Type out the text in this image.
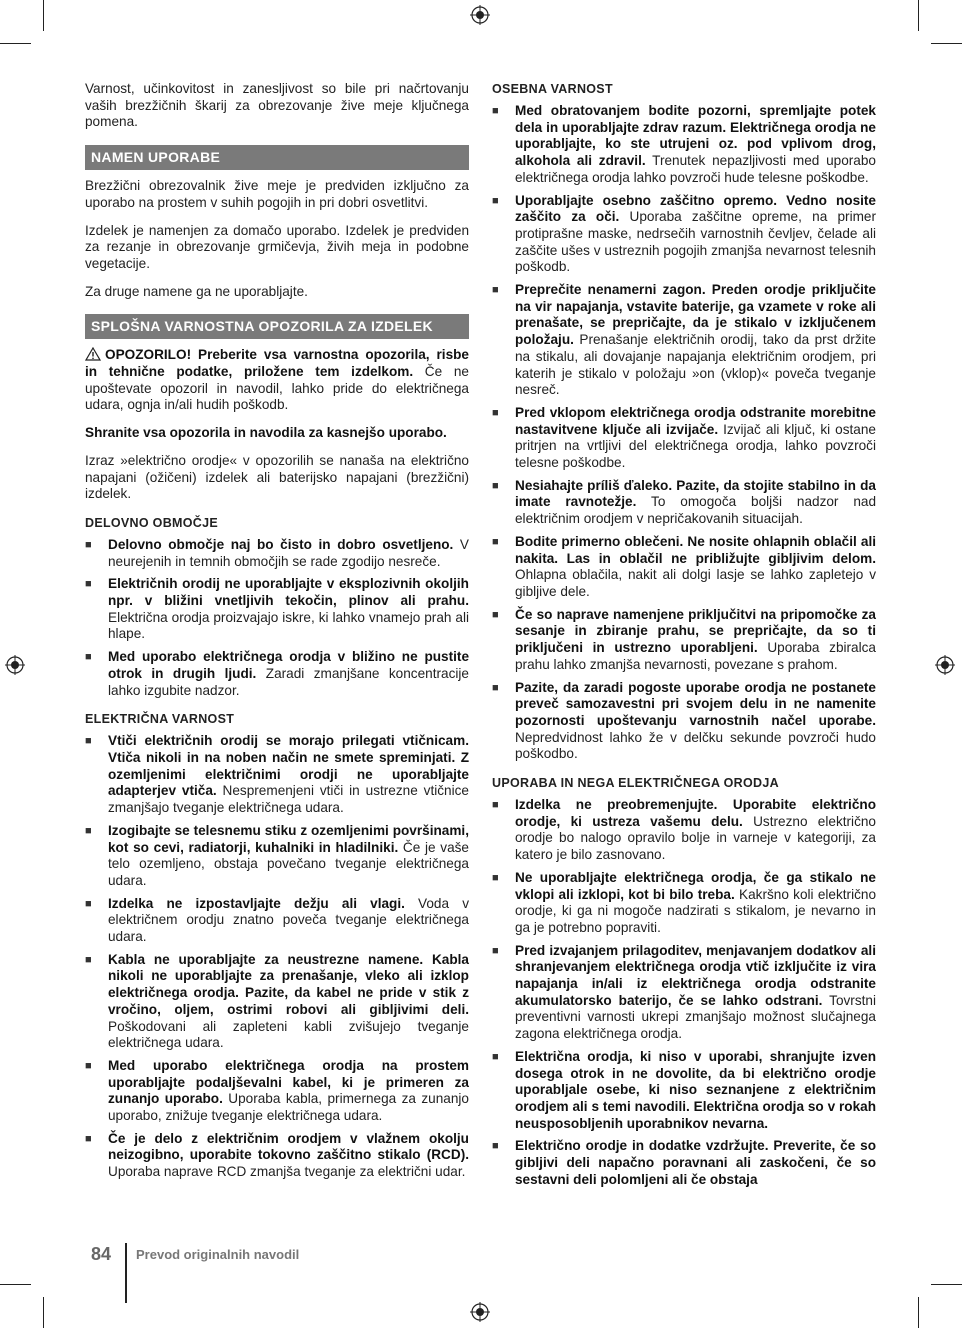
Varnost, učinkovitost in zanesljivost so bile pri načrtovanju vaših brezžičnih škarij za obrezovanje žive meje ključnega pomena.

NAMEN UPORABE

Brezžični obrezovalnik žive meje je predviden izključno za uporabo na prostem v suhih pogojih in pri dobri osvetlitvi.

Izdelek je namenjen za domačo uporabo. Izdelek je predviden za rezanje in obrezovanje grmičevja, živih meja in podobne vegetacije.

Za druge namene ga ne uporabljajte.

SPLOŠNA VARNOSTNA OPOZORILA ZA IZDELEK

OPOZORILO! Preberite vsa varnostna opozorila, risbe in tehnične podatke, priložene tem izdelkom. Če ne upoštevate opozoril in navodil, lahko pride do električnega udara, ognja in/ali hudih poškodb.

Shranite vsa opozorila in navodila za kasnejšo uporabo.

Izraz »električno orodje« v opozorilih se nanaša na električno napajani (ožičeni) izdelek ali baterijsko napajani (brezžični) izdelek.

DELOVNO OBMOČJE
■ Delovno območje naj bo čisto in dobro osvetljeno. V neurejenih in temnih območjih se rade zgodijo nesreče.
■ Električnih orodij ne uporabljajte v eksplozivnih okoljih npr. v bližini vnetljivih tekočin, plinov ali prahu. Električna orodja proizvajajo iskre, ki lahko vnamejo prah ali hlape.
■ Med uporabo električnega orodja v bližino ne pustite otrok in drugih ljudi. Zaradi zmanjšane koncentracije lahko izgubite nadzor.
ELEKTRIČNA VARNOST
■ Vtiči električnih orodij se morajo prilegati vtičnicam. Vtiča nikoli in na noben način ne smete spreminjati. Z ozemljenimi električnimi orodji ne uporabljajte adapterjev vtiča. Nespremenjeni vtiči in ustrezne vtičnice zmanjšajo tveganje električnega udara.
■ Izogibajte se telesnemu stiku z ozemljenimi površinami, kot so cevi, radiatorji, kuhalniki in hladilniki. Če je vaše telo ozemljeno, obstaja povečano tveganje električnega udara.
■ Izdelka ne izpostavljajte dežju ali vlagi. Voda v električnem orodju znatno poveča tveganje električnega udara.
■ Kabla ne uporabljajte za neustrezne namene. Kabla nikoli ne uporabljajte za prenašanje, vleko ali izklop električnega orodja. Pazite, da kabel ne pride v stik z vročino, oljem, ostrimi robovi ali gibljivimi deli. Poškodovani ali zapleteni kabli zvišujejo tveganje električnega udara.
■ Med uporabo električnega orodja na prostem uporabljajte podaljševalni kabel, ki je primeren za zunanjo uporabo. Uporaba kabla, primernega za zunanjo uporabo, znižuje tveganje električnega udara.
■ Če je delo z električnim orodjem v vlažnem okolju neizogibno, uporabite tokovno zaščitno stikalo (RCD). Uporaba naprave RCD zmanjša tveganje za električni udar.
OSEBNA VARNOST
■ Med obratovanjem bodite pozorni, spremljajte potek dela in uporabljajte zdrav razum. Električnega orodja ne uporabljajte, ko ste utrujeni oz. pod vplivom drog, alkohola ali zdravil. Trenutek nepazljivosti med uporabo električnega orodja lahko povzroči hude telesne poškodbe.
■ Uporabljajte osebno zaščitno opremo. Vedno nosite zaščito za oči. Uporaba zaščitne opreme, na primer protiprašne maske, nedrsečih varnostnih čevljev, čelade ali zaščite ušes v ustreznih pogojih zmanjša nevarnost telesnih poškodb.
■ Preprečite nenamerni zagon. Preden orodje priključite na vir napajanja, vstavite baterije, ga vzamete v roke ali prenašate, se prepričajte, da je stikalo v izključenem položaju. Prenašanje električnih orodij, tako da prst držite na stikalu, ali dovajanje napajanja električnim orodjem, pri katerih je stikalo v položaju »on (vklop)« poveča tveganje nesreč.
■ Pred vklopom električnega orodja odstranite morebitne nastavitvene ključe ali izvijače. Izvijač ali ključ, ki ostane pritrjen na vrtljivi del električnega orodja, lahko povzroči telesne poškodbe.
■ Nesiahajte príliš ďaleko. Pazite, da stojite stabilno in da imate ravnotežje. To omogoča boljši nadzor nad električnim orodjem v nepričakovanih situacijah.
■ Bodite primerno oblečeni. Ne nosite ohlapnih oblačil ali nakita. Las in oblačil ne približujte gibljivim delom. Ohlapna oblačila, nakit ali dolgi lasje se lahko zapletejo v gibljive dele.
■ Če so naprave namenjene priključitvi na pripomočke za sesanje in zbiranje prahu, se prepričajte, da so ti priključeni in ustrezno uporabljeni. Uporaba zbiralca prahu lahko zmanjša nevarnosti, povezane s prahom.
■ Pazite, da zaradi pogoste uporabe orodja ne postanete preveč samozavestni pri svojem delu in ne namenite pozornosti upoštevanju varnostnih načel uporabe. Nepredvidnost lahko že v delčku sekunde povzroči hudo poškodbo.
UPORABA IN NEGA ELEKTRIČNEGA ORODJA
■ Izdelka ne preobremenjujte. Uporabite električno orodje, ki ustreza vašemu delu. Ustrezno električno orodje bo nalogo opravilo bolje in varneje v kategoriji, za katero je bilo zasnovano.
■ Ne uporabljajte električnega orodja, če ga stikalo ne vklopi ali izklopi, kot bi bilo treba. Kakršno koli električno orodje, ki ga ni mogoče nadzirati s stikalom, je nevarno in ga je potrebno popraviti.
■ Pred izvajanjem prilagoditev, menjavanjem dodatkov ali shranjevanjem električnega orodja vtič izključite iz vira napajanja in/ali iz električnega orodja odstranite akumulatorsko baterijo, če se lahko odstrani. Tovrstni preventivni varnosti ukrepi zmanjšajo možnost slučajnega zagona električnega orodja.
■ Električna orodja, ki niso v uporabi, shranjujte izven dosega otrok in ne dovolite, da bi električno orodje uporabljale osebe, ki niso seznanjene z električnim orodjem ali s temi navodili. Električna orodja so v rokah neusposobljenih uporabnikov nevarna.
■ Električno orodje in dodatke vzdržujte. Preverite, če so gibljivi deli napačno poravnani ali zaskočeni, če so sestavni deli polomljeni ali če obstaja
84 Prevod originalnih navodil
